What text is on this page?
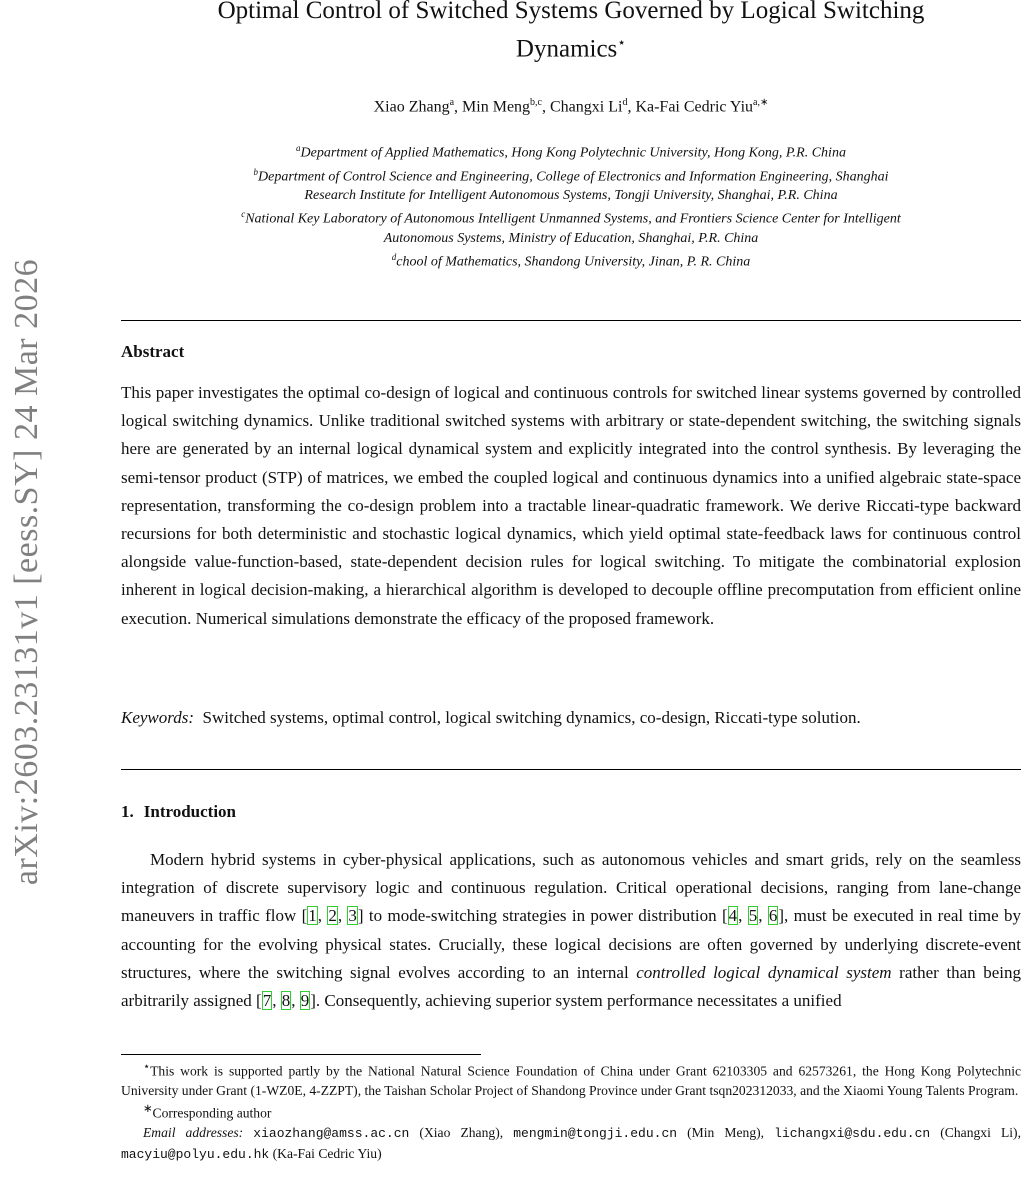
arXiv:2603.23131v1 [eess.SY] 24 Mar 2026
Optimal Control of Switched Systems Governed by Logical Switching
Dynamics⋆
Xiao Zhang$^a$, Min Meng$^{b,c}$, Changxi Li$^d$, Ka-Fai Cedric Yiu$^{a,∗}$
$^a$Department of Applied Mathematics, Hong Kong Polytechnic University, Hong Kong, P.R. China
$^b$Department of Control Science and Engineering, College of Electronics and Information Engineering, Shanghai
Research Institute for Intelligent Autonomous Systems, Tongji University, Shanghai, P.R. China
$^c$National Key Laboratory of Autonomous Intelligent Unmanned Systems, and Frontiers Science Center for Intelligent
Autonomous Systems, Ministry of Education, Shanghai, P.R. China
$^d$chool of Mathematics, Shandong University, Jinan, P. R. China
Abstract
This paper investigates the optimal co-design of logical and continuous controls for switched linear systems governed by controlled logical switching dynamics. Unlike traditional switched systems with arbitrary or state-dependent switching, the switching signals here are generated by an internal logical dynamical system and explicitly integrated into the control synthesis. By leveraging the semi-tensor product (STP) of matrices, we embed the coupled logical and continuous dynamics into a unified algebraic state-space representation, transforming the co-design problem into a tractable linear-quadratic framework. We derive Riccati-type backward recursions for both deterministic and stochastic logical dynamics, which yield optimal state-feedback laws for continuous control alongside value-function-based, state-dependent decision rules for logical switching. To mitigate the combinatorial explosion inherent in logical decision-making, a hierarchical algorithm is developed to decouple offline precomputation from efficient online execution. Numerical simulations demonstrate the efficacy of the proposed framework.
Keywords: Switched systems, optimal control, logical switching dynamics, co-design, Riccati-type solution.
1. Introduction
Modern hybrid systems in cyber-physical applications, such as autonomous vehicles and smart grids, rely on the seamless integration of discrete supervisory logic and continuous regulation. Critical operational decisions, ranging from lane-change maneuvers in traffic flow [1, 2, 3] to mode-switching strategies in power distribution [4, 5, 6], must be executed in real time by accounting for the evolving physical states. Crucially, these logical decisions are often governed by underlying discrete-event structures, where the switching signal evolves according to an internal controlled logical dynamical system rather than being arbitrarily assigned [7, 8, 9]. Consequently, achieving superior system performance necessitates a unified

⋆This work is supported partly by the National Natural Science Foundation of China under Grant 62103305 and 62573261, the Hong Kong Polytechnic University under Grant (1-WZ0E, 4-ZZPT), the Taishan Scholar Project of Shandong Province under Grant tsqn202312033, and the Xiaomi Young Talents Program.

∗Corresponding author

Email addresses: xiaozhang@amss.ac.cn (Xiao Zhang), mengmin@tongji.edu.cn (Min Meng), lichangxi@sdu.edu.cn (Changxi Li), macyiu@polyu.edu.hk (Ka-Fai Cedric Yiu)
